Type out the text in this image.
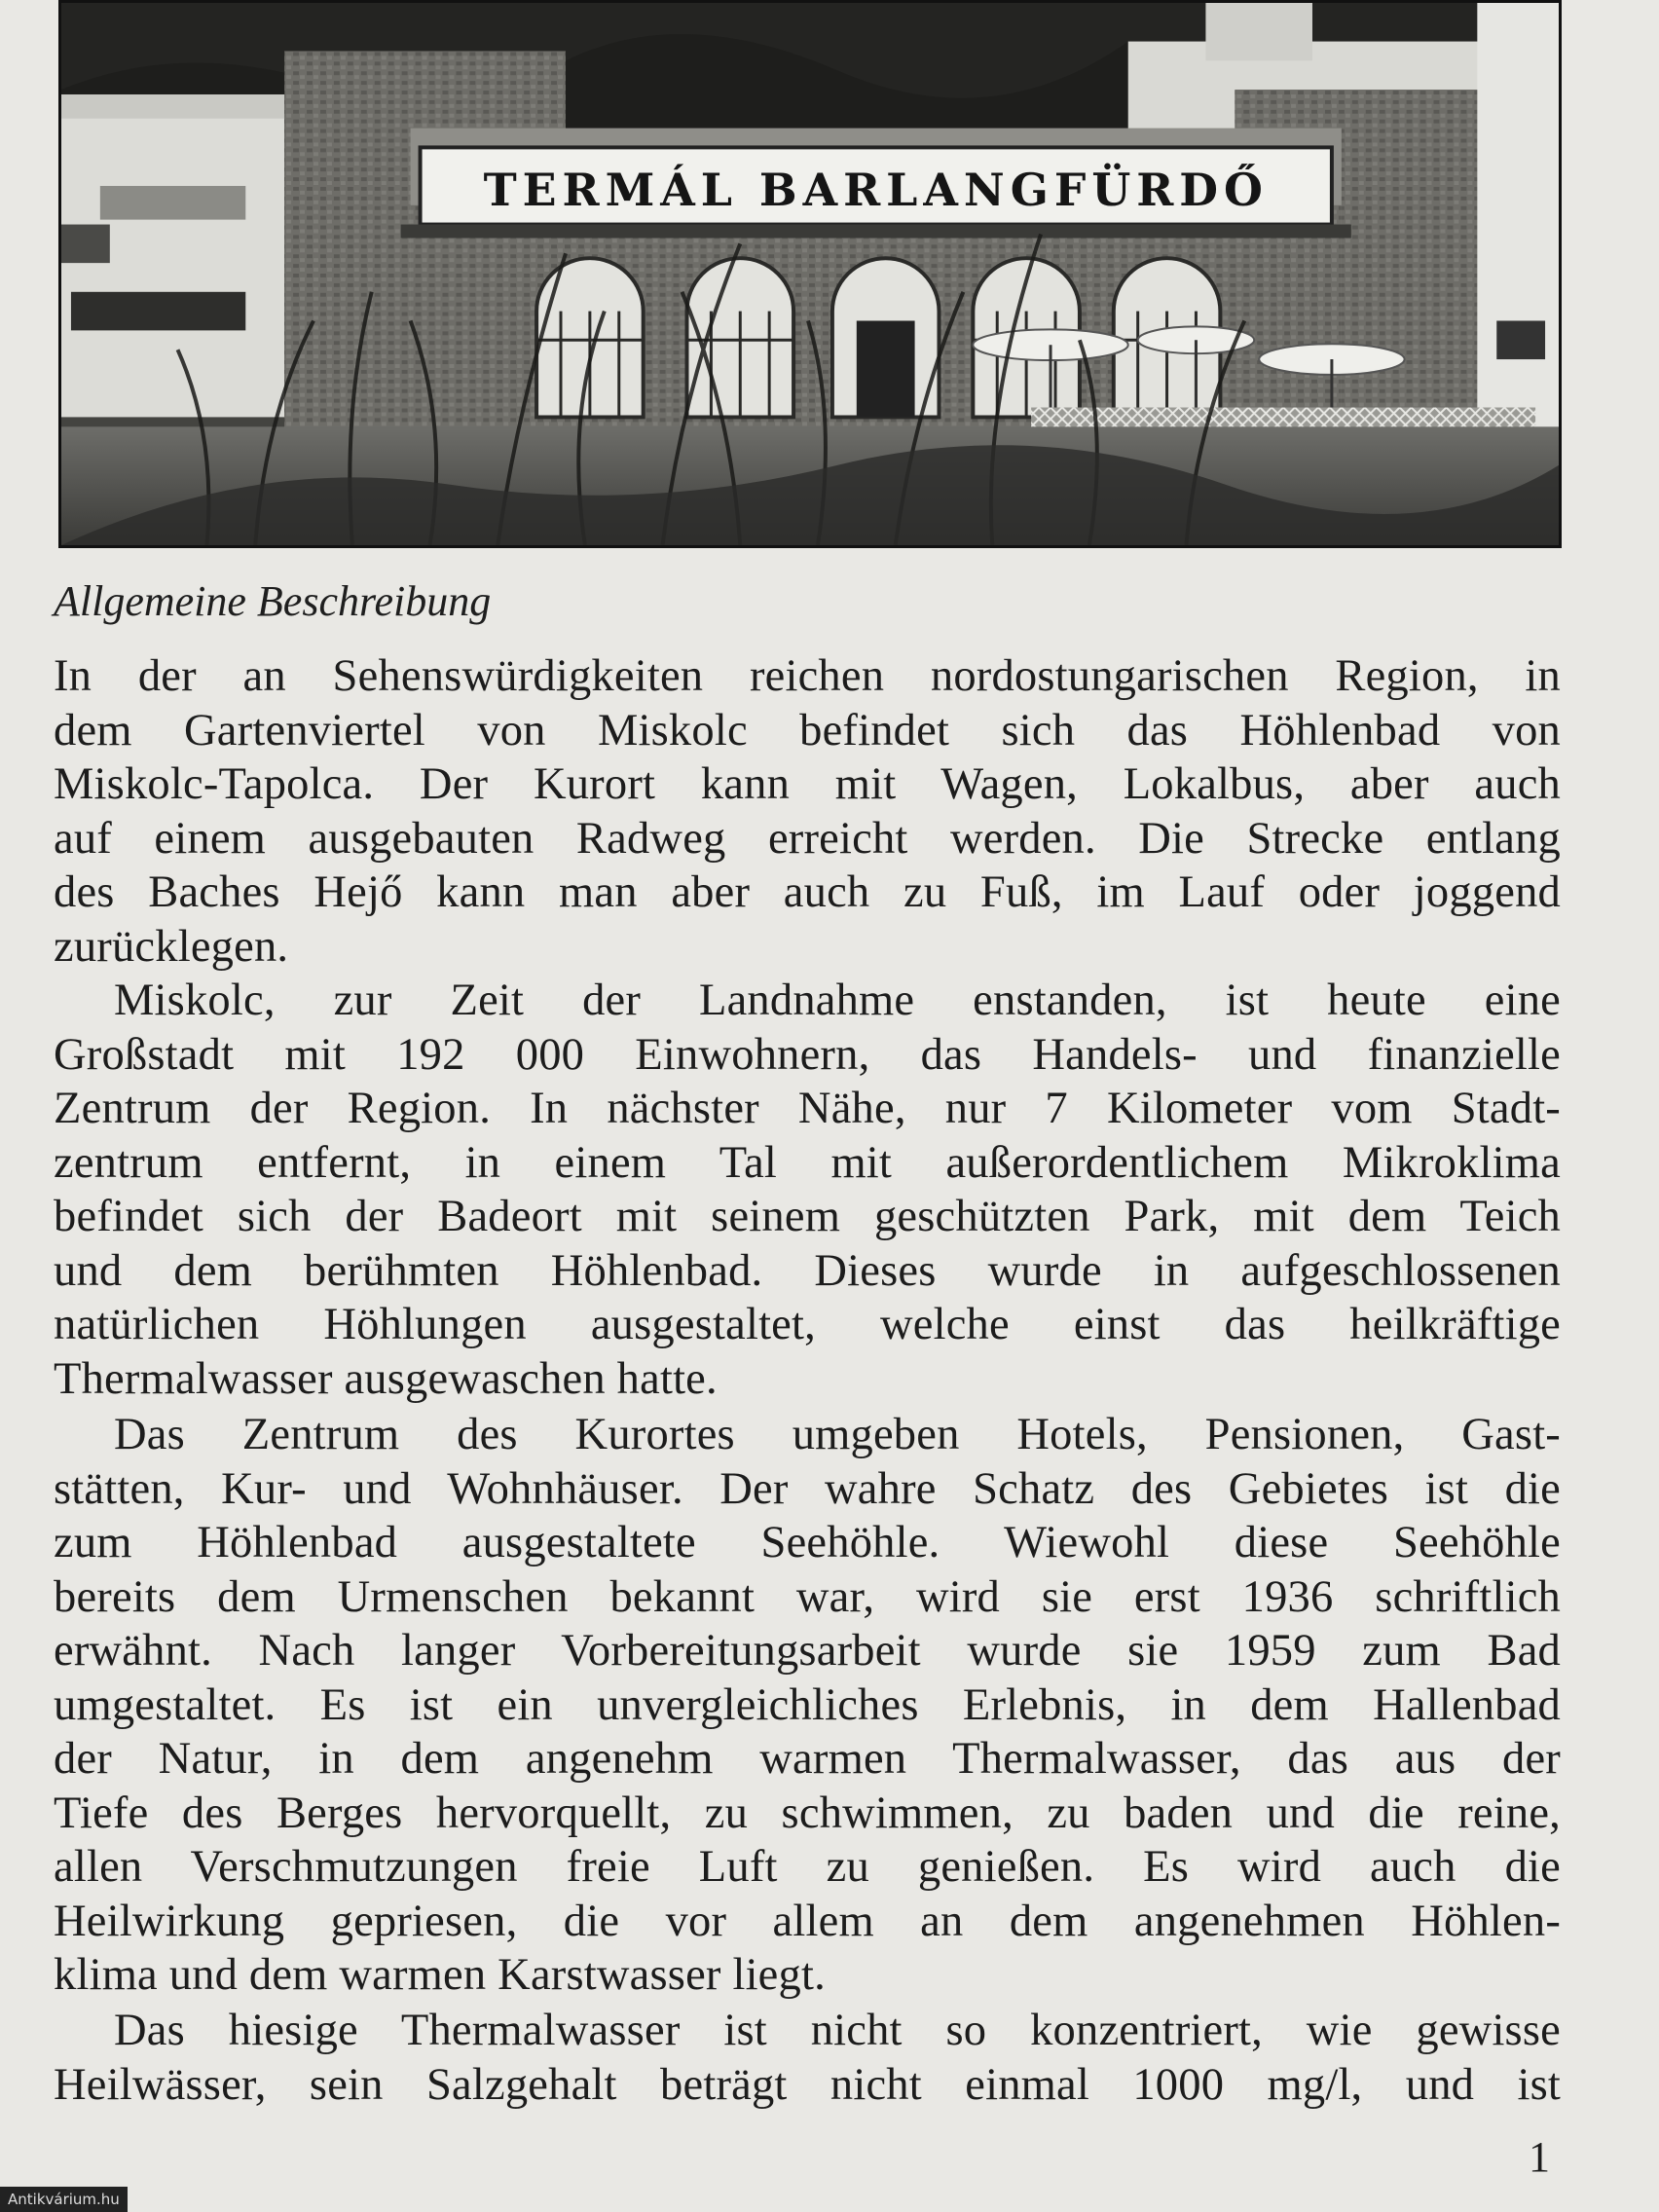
TERMÁL BARLANGFÜRDŐ
Allgemeine Beschreibung
In der an Sehenswürdigkeiten reichen nordostungarischen Region, in
dem Gartenviertel von Miskolc befindet sich das Höhlenbad von
Miskolc-Tapolca. Der Kurort kann mit Wagen, Lokalbus, aber auch
auf einem ausgebauten Radweg erreicht werden. Die Strecke entlang
des Baches Hejő kann man aber auch zu Fuß, im Lauf oder joggend
zurücklegen.
Miskolc, zur Zeit der Landnahme enstanden, ist heute eine
Großstadt mit 192 000 Einwohnern, das Handels- und finanzielle
Zentrum der Region. In nächster Nähe, nur 7 Kilometer vom Stadt-
zentrum entfernt, in einem Tal mit außerordentlichem Mikroklima
befindet sich der Badeort mit seinem geschützten Park, mit dem Teich
und dem berühmten Höhlenbad. Dieses wurde in aufgeschlossenen
natürlichen Höhlungen ausgestaltet, welche einst das heilkräftige
Thermalwasser ausgewaschen hatte.
Das Zentrum des Kurortes umgeben Hotels, Pensionen, Gast-
stätten, Kur- und Wohnhäuser. Der wahre Schatz des Gebietes ist die
zum Höhlenbad ausgestaltete Seehöhle. Wiewohl diese Seehöhle
bereits dem Urmenschen bekannt war, wird sie erst 1936 schriftlich
erwähnt. Nach langer Vorbereitungsarbeit wurde sie 1959 zum Bad
umgestaltet. Es ist ein unvergleichliches Erlebnis, in dem Hallenbad
der Natur, in dem angenehm warmen Thermalwasser, das aus der
Tiefe des Berges hervorquellt, zu schwimmen, zu baden und die reine,
allen Verschmutzungen freie Luft zu genießen. Es wird auch die
Heilwirkung gepriesen, die vor allem an dem angenehmen Höhlen-
klima und dem warmen Karstwasser liegt.
Das hiesige Thermalwasser ist nicht so konzentriert, wie gewisse
Heilwässer, sein Salzgehalt beträgt nicht einmal 1000 mg/l, und ist
1
Antikvárium.hu
